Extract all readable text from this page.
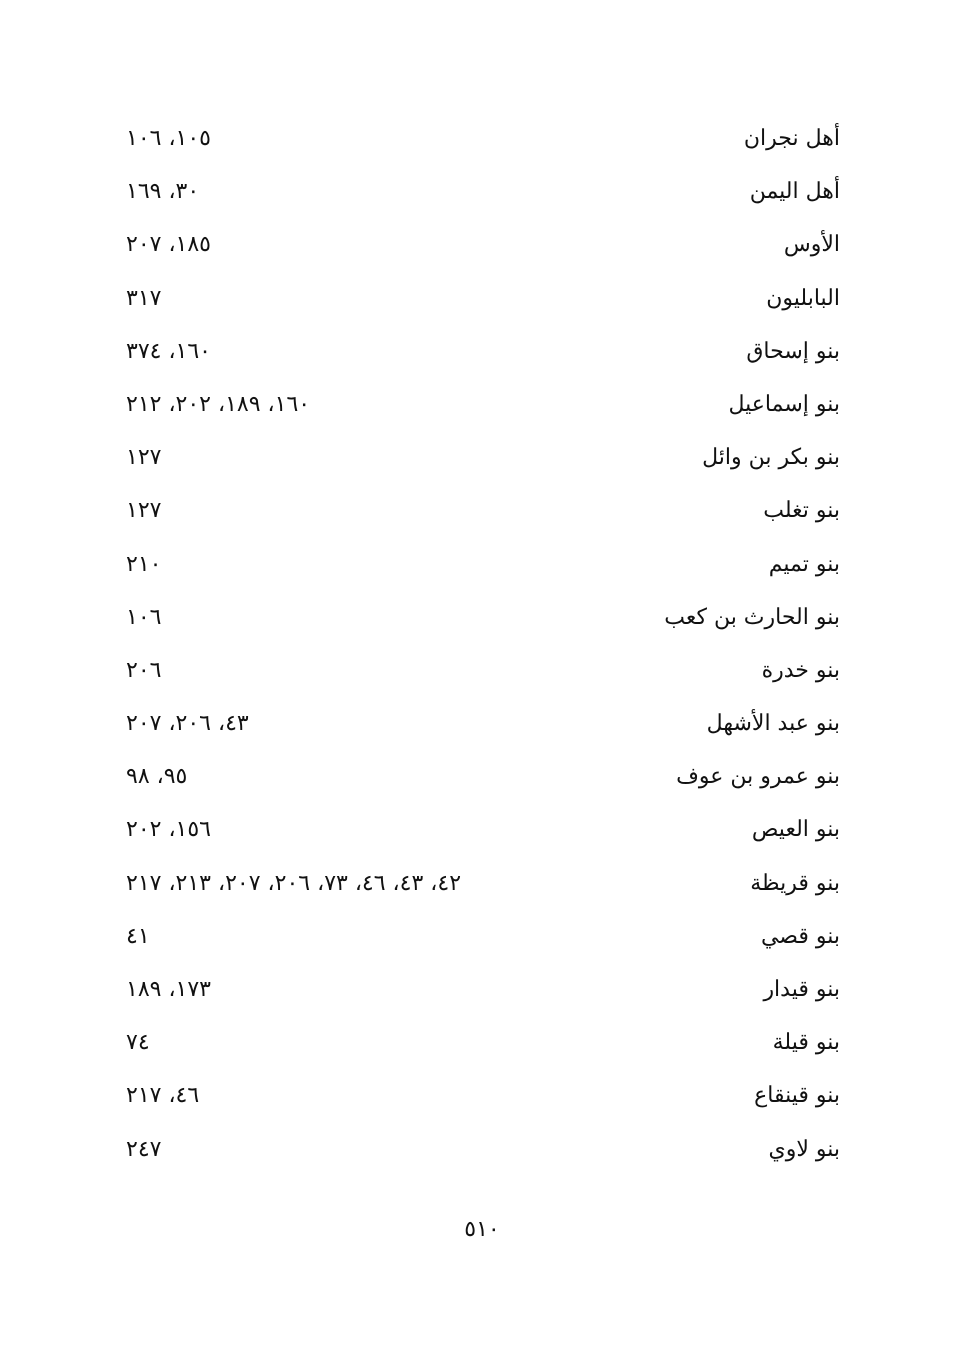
أهل نجران
١٠٥، ١٠٦
أهل اليمن
٣٠، ١٦٩
الأوس
١٨٥، ٢٠٧
البابليون
٣١٧
بنو إسحاق
١٦٠، ٣٧٤
بنو إسماعيل
١٦٠، ١٨٩، ٢٠٢، ٢١٢
بنو بكر بن وائل
١٢٧
بنو تغلب
١٢٧
بنو تميم
٢١٠
بنو الحارث بن كعب
١٠٦
بنو خدرة
٢٠٦
بنو عبد الأشهل
٤٣، ٢٠٦، ٢٠٧
بنو عمرو بن عوف
٩٥، ٩٨
بنو العيص
١٥٦، ٢٠٢
بنو قريظة
٤٢، ٤٣، ٤٦، ٧٣، ٢٠٦، ٢٠٧، ٢١٣، ٢١٧
بنو قصي
٤١
بنو قيدار
١٧٣، ١٨٩
بنو قيلة
٧٤
بنو قينقاع
٤٦، ٢١٧
بنو لاوي
٢٤٧
٥١٠
